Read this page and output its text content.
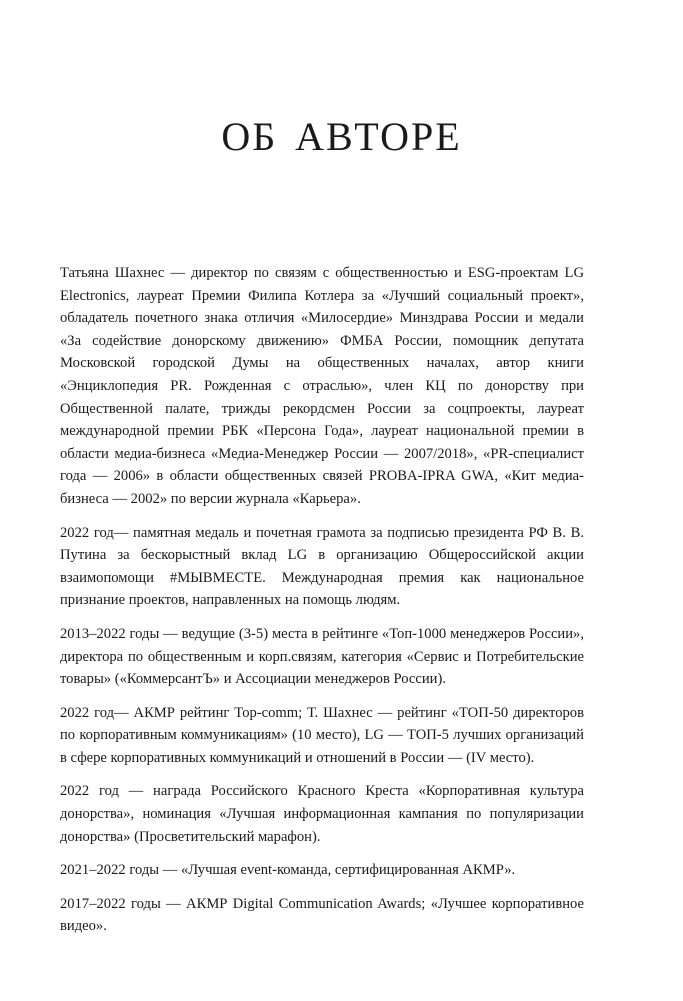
ОБ АВТОРЕ

Татьяна Шахнес — директор по связям с общественностью и ESG-проектам LG Electronics, лауреат Премии Филипа Котлера за «Лучший социальный проект», обладатель почетного знака отличия «Милосердие» Минздрава России и медали «За содействие донорскому движению» ФМБА России, помощник депутата Московской городской Думы на общественных началах, автор книги «Энциклопедия PR. Рожденная с отраслью», член КЦ по донорству при Общественной палате, трижды рекордсмен России за соцпроекты, лауреат международной премии РБК «Персона Года», лауреат национальной премии в области медиа-бизнеса «Медиа-Менеджер России — 2007/2018», «PR-специалист года — 2006» в области общественных связей PROBA-IPRA GWA, «Кит медиа-бизнеса — 2002» по версии журнала «Карьера».

2022 год— памятная медаль и почетная грамота за подписью президента РФ В. В. Путина за бескорыстный вклад LG в организацию Общероссийской акции взаимопомощи #МЫВМЕСТЕ. Международная премия как национальное признание проектов, направленных на помощь людям.

2013–2022 годы — ведущие (3-5) места в рейтинге «Топ-1000 менеджеров России», директора по общественным и корп.связям, категория «Сервис и Потребительские товары» («КоммерсантЪ» и Ассоциации менеджеров России).

2022 год— АКМР рейтинг Top-comm; Т. Шахнес — рейтинг «ТОП-50 директоров по корпоративным коммуникациям» (10 место), LG — ТОП-5 лучших организаций в сфере корпоративных коммуникаций и отношений в России — (IV место).

2022 год — награда Российского Красного Креста «Корпоративная культура донорства», номинация «Лучшая информационная кампания по популяризации донорства» (Просветительский марафон).

2021–2022 годы — «Лучшая event-команда, сертифицированная АКМР».

2017–2022 годы — АКМР Digital Communication Awards; «Лучшее корпоративное видео».
